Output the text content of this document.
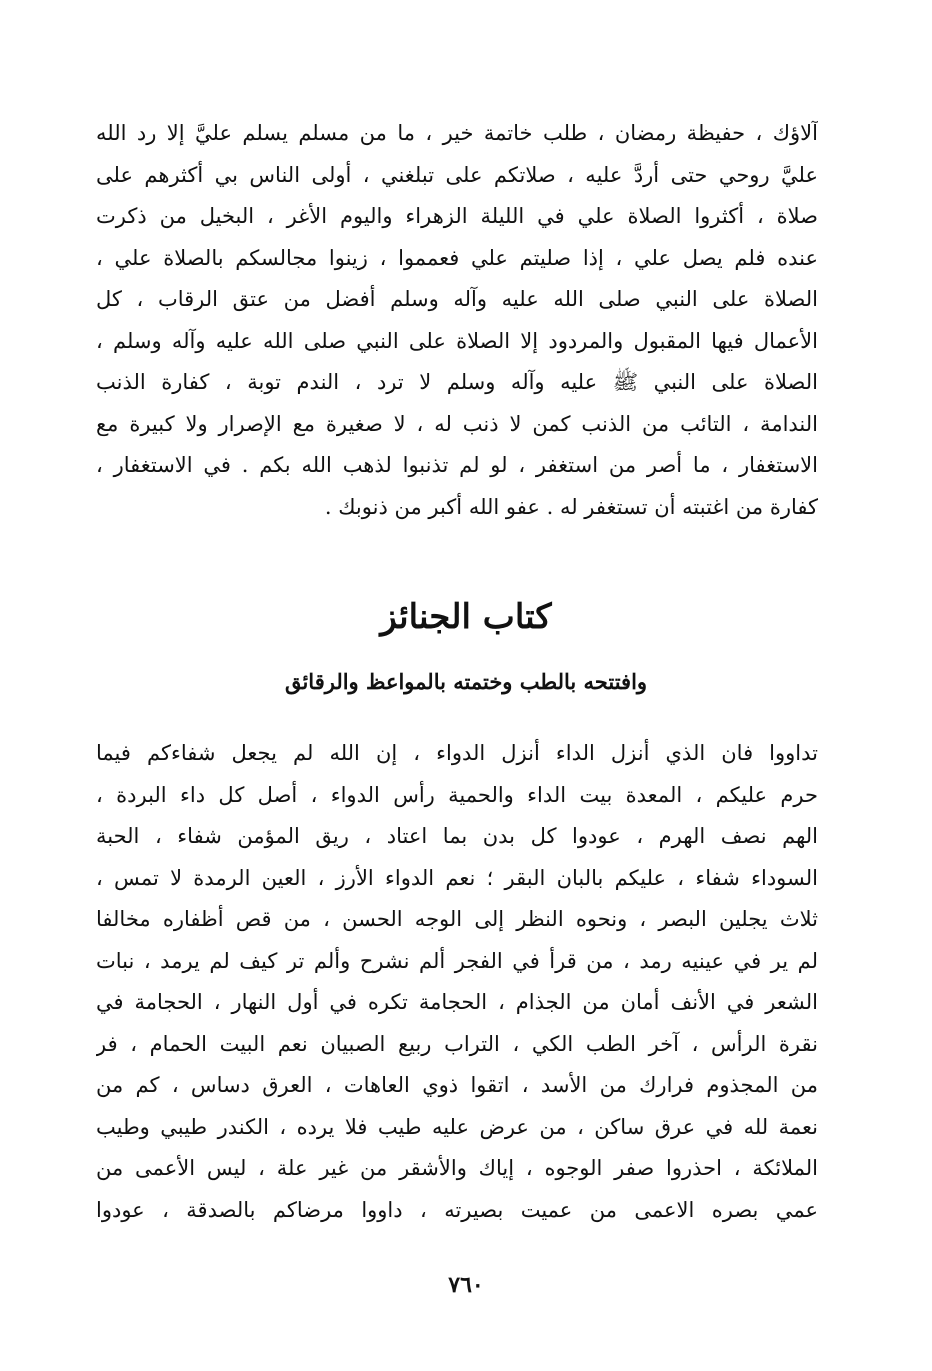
آلاؤك ، حفيظة رمضان ، طلب خاتمة خير ، ما من مسلم يسلم عليَّ إلا رد الله
عليَّ روحي حتى أردَّ عليه ، صلاتكم على تبلغني ، أولى الناس بي أكثرهم على
صلاة ، أكثروا الصلاة علي في الليلة الزهراء واليوم الأغر ، البخيل من ذكرت
عنده فلم يصل علي ، إذا صليتم علي فعمموا ، زينوا مجالسكم بالصلاة علي ،
الصلاة على النبي صلى الله عليه وآله وسلم أفضل من عتق الرقاب ، كل
الأعمال فيها المقبول والمردود إلا الصلاة على النبي صلى الله عليه وآله وسلم ،
الصلاة على النبي ﷺ عليه وآله وسلم لا ترد ، الندم توبة ، كفارة الذنب
الندامة ، التائب من الذنب كمن لا ذنب له ، لا صغيرة مع الإصرار ولا كبيرة مع
الاستغفار ، ما أصر من استغفر ، لو لم تذنبوا لذهب الله بكم . في الاستغفار ،
كفارة من اغتبته أن تستغفر له . عفو الله أكبر من ذنوبك .
كتاب الجنائز
وافتتحه بالطب وختمته بالمواعظ والرقائق
تداووا فان الذي أنزل الداء أنزل الدواء ، إن الله لم يجعل شفاءكم فيما
حرم عليكم ، المعدة بيت الداء والحمية رأس الدواء ، أصل كل داء البردة ،
الهم نصف الهرم ، عودوا كل بدن بما اعتاد ، ريق المؤمن شفاء ، الحبة
السوداء شفاء ، عليكم بالبان البقر ؛ نعم الدواء الأرز ، العين الرمدة لا تمس ،
ثلاث يجلين البصر ، ونحوه النظر إلى الوجه الحسن ، من قص أظفاره مخالفا
لم ير في عينيه رمد ، من قرأ في الفجر ألم نشرح وألم تر كيف لم يرمد ، نبات
الشعر في الأنف أمان من الجذام ، الحجامة تكره في أول النهار ، الحجامة في
نقرة الرأس ، آخر الطب الكي ، التراب ربيع الصبيان نعم البيت الحمام ، فر
من المجذوم فرارك من الأسد ، اتقوا ذوي العاهات ، العرق دساس ، كم من
نعمة لله في عرق ساكن ، من عرض عليه طيب فلا يرده ، الكندر طيبي وطيب
الملائكة ، احذروا صفر الوجوه ، إياك والأشقر من غير علة ، ليس الأعمى من
عمي بصره الاعمى من عميت بصيرته ، داووا مرضاكم بالصدقة ، عودوا
٧٦٠
